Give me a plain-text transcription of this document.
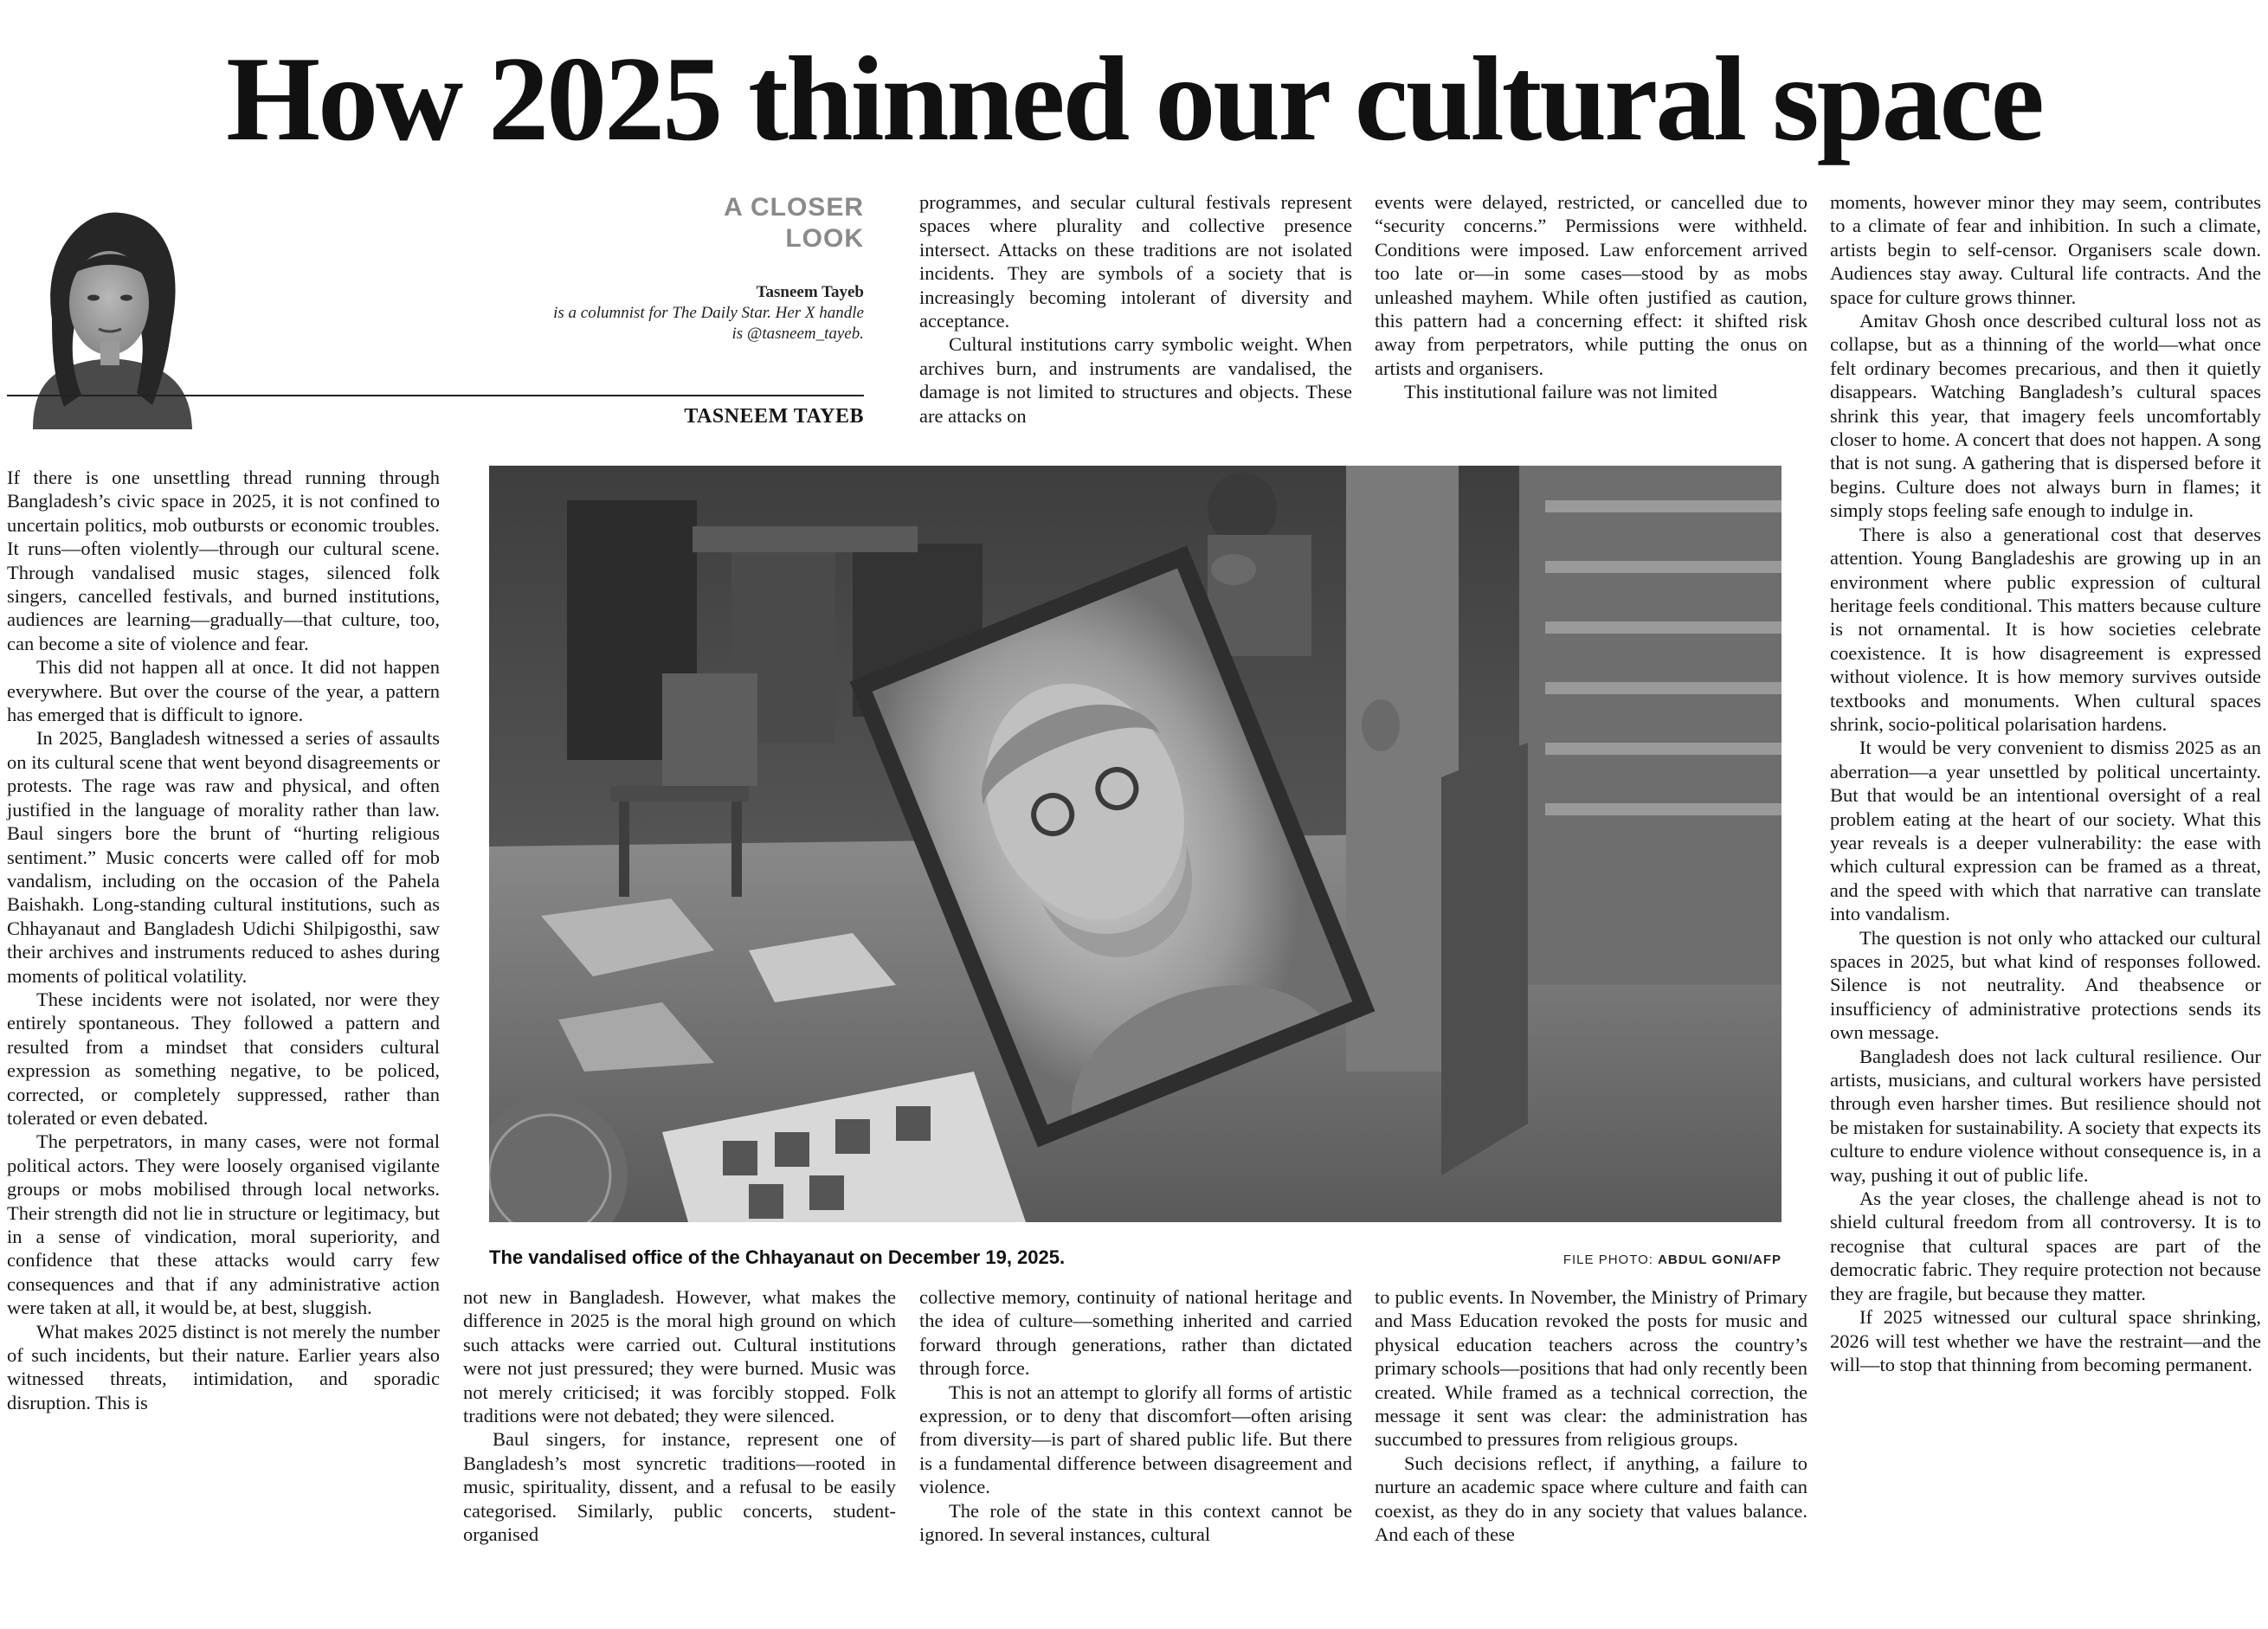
How 2025 thinned our cultural space
A CLOSER
LOOK
Tasneem Tayeb
is a columnist for The Daily Star. Her X handle is @tasneem_tayeb.
TASNEEM TAYEB

If there is one unsettling thread running through Bangladesh’s civic space in 2025, it is not confined to uncertain politics, mob outbursts or economic troubles. It runs—often violently—through our cultural scene. Through vandalised music stages, silenced folk singers, cancelled festivals, and burned institutions, audiences are learning—gradually—that culture, too, can become a site of violence and fear.

This did not happen all at once. It did not happen everywhere. But over the course of the year, a pattern has emerged that is difficult to ignore.

In 2025, Bangladesh witnessed a series of assaults on its cultural scene that went beyond disagreements or protests. The rage was raw and physical, and often justified in the language of morality rather than law. Baul singers bore the brunt of “hurting religious sentiment.” Music concerts were called off for mob vandalism, including on the occasion of the Pahela Baishakh. Long-standing cultural institutions, such as Chhayanaut and Bangladesh Udichi Shilpigosthi, saw their archives and instruments reduced to ashes during moments of political volatility.

These incidents were not isolated, nor were they entirely spontaneous. They followed a pattern and resulted from a mindset that considers cultural expression as something negative, to be policed, corrected, or completely suppressed, rather than tolerated or even debated.

The perpetrators, in many cases, were not formal political actors. They were loosely organised vigilante groups or mobs mobilised through local networks. Their strength did not lie in structure or legitimacy, but in a sense of vindication, moral superiority, and confidence that these attacks would carry few consequences and that if any administrative action were taken at all, it would be, at best, sluggish.

What makes 2025 distinct is not merely the number of such incidents, but their nature. Earlier years also witnessed threats, intimidation, and sporadic disruption. This is

not new in Bangladesh. However, what makes the difference in 2025 is the moral high ground on which such attacks were carried out. Cultural institutions were not just pressured; they were burned. Music was not merely criticised; it was forcibly stopped. Folk traditions were not debated; they were silenced.

Baul singers, for instance, represent one of Bangladesh’s most syncretic traditions—rooted in music, spirituality, dissent, and a refusal to be easily categorised. Similarly, public concerts, student-organised

programmes, and secular cultural festivals represent spaces where plurality and collective presence intersect. Attacks on these traditions are not isolated incidents. They are symbols of a society that is increasingly becoming intolerant of diversity and acceptance.

Cultural institutions carry symbolic weight. When archives burn, and instruments are vandalised, the damage is not limited to structures and objects. These are attacks on

collective memory, continuity of national heritage and the idea of culture—something inherited and carried forward through generations, rather than dictated through force.

This is not an attempt to glorify all forms of artistic expression, or to deny that discomfort—often arising from diversity—is part of shared public life. But there is a fundamental difference between disagreement and violence.

The role of the state in this context cannot be ignored. In several instances, cultural

events were delayed, restricted, or cancelled due to “security concerns.” Permissions were withheld. Conditions were imposed. Law enforcement arrived too late or—in some cases—stood by as mobs unleashed mayhem. While often justified as caution, this pattern had a concerning effect: it shifted risk away from perpetrators, while putting the onus on artists and organisers.

This institutional failure was not limited

to public events. In November, the Ministry of Primary and Mass Education revoked the posts for music and physical education teachers across the country’s primary schools—positions that had only recently been created. While framed as a technical correction, the message it sent was clear: the administration has succumbed to pressures from religious groups.

Such decisions reflect, if anything, a failure to nurture an academic space where culture and faith can coexist, as they do in any society that values balance. And each of these

moments, however minor they may seem, contributes to a climate of fear and inhibition. In such a climate, artists begin to self-censor. Organisers scale down. Audiences stay away. Cultural life contracts. And the space for culture grows thinner.

Amitav Ghosh once described cultural loss not as collapse, but as a thinning of the world—what once felt ordinary becomes precarious, and then it quietly disappears. Watching Bangladesh’s cultural spaces shrink this year, that imagery feels uncomfortably closer to home. A concert that does not happen. A song that is not sung. A gathering that is dispersed before it begins. Culture does not always burn in flames; it simply stops feeling safe enough to indulge in.

There is also a generational cost that deserves attention. Young Bangladeshis are growing up in an environment where public expression of cultural heritage feels conditional. This matters because culture is not ornamental. It is how societies celebrate coexistence. It is how disagreement is expressed without violence. It is how memory survives outside textbooks and monuments. When cultural spaces shrink, socio-political polarisation hardens.

It would be very convenient to dismiss 2025 as an aberration—a year unsettled by political uncertainty. But that would be an intentional oversight of a real problem eating at the heart of our society. What this year reveals is a deeper vulnerability: the ease with which cultural expression can be framed as a threat, and the speed with which that narrative can translate into vandalism.

The question is not only who attacked our cultural spaces in 2025, but what kind of responses followed. Silence is not neutrality. And theabsence or insufficiency of administrative protections sends its own message.

Bangladesh does not lack cultural resilience. Our artists, musicians, and cultural workers have persisted through even harsher times. But resilience should not be mistaken for sustainability. A society that expects its culture to endure violence without consequence is, in a way, pushing it out of public life.

As the year closes, the challenge ahead is not to shield cultural freedom from all controversy. It is to recognise that cultural spaces are part of the democratic fabric. They require protection not because they are fragile, but because they matter.

If 2025 witnessed our cultural space shrinking, 2026 will test whether we have the restraint—and the will—to stop that thinning from becoming permanent.

The vandalised office of the Chhayanaut on December 19, 2025.	FILE PHOTO: ABDUL GONI/AFP
